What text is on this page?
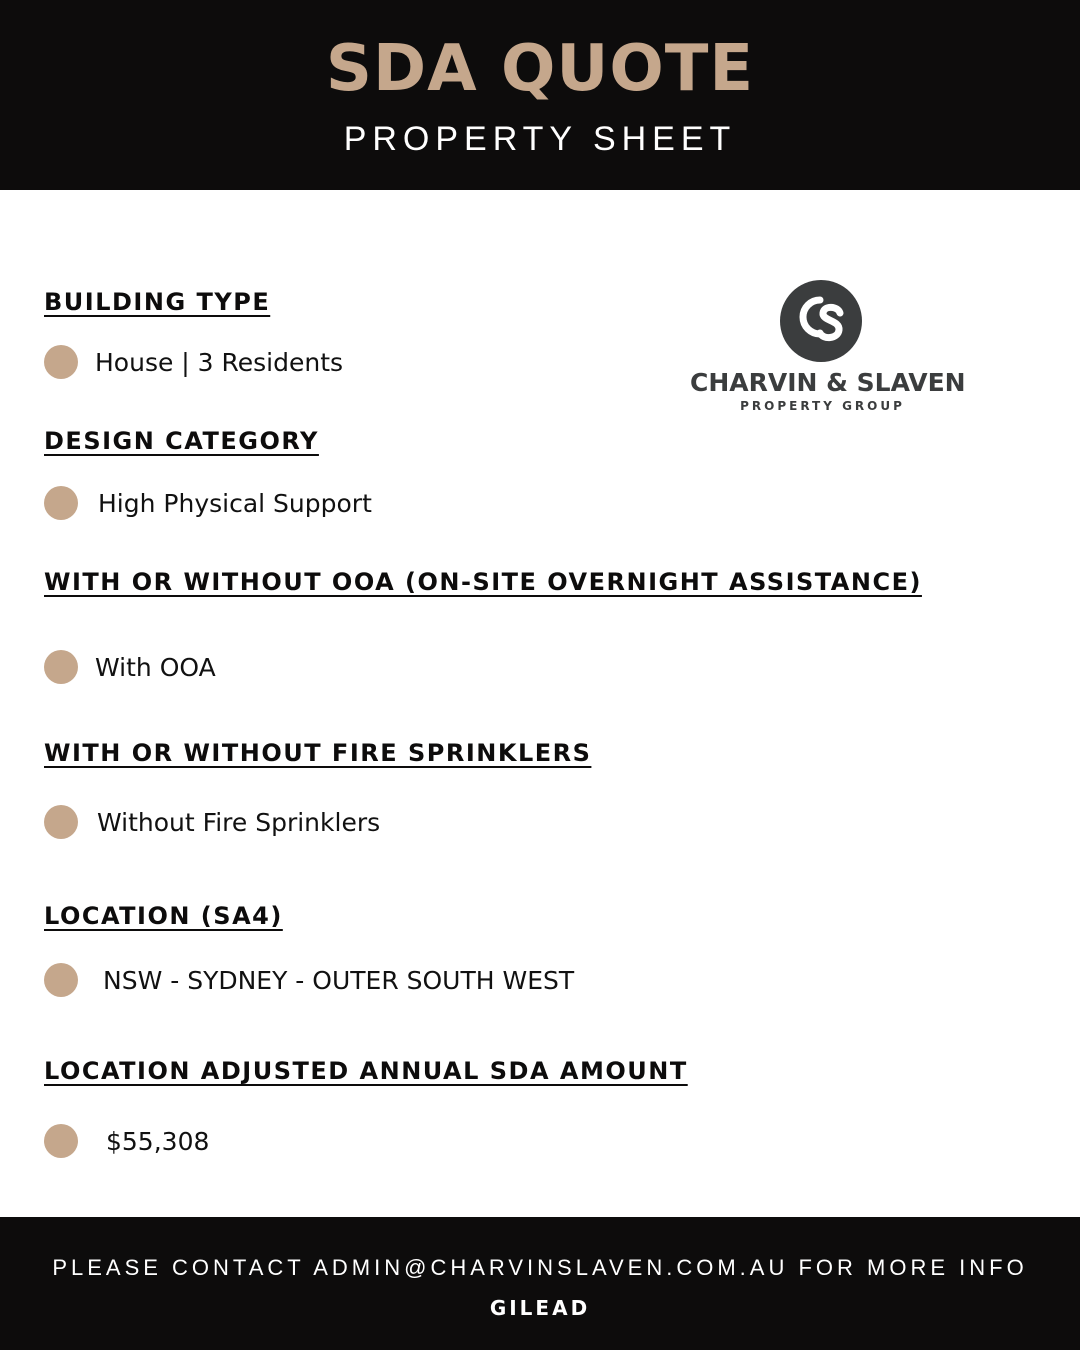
SDA QUOTE
PROPERTY SHEET
CHARVIN & SLAVEN
PROPERTY GROUP
BUILDING TYPE
House | 3 Residents
DESIGN CATEGORY
High Physical Support
WITH OR WITHOUT OOA (ON-SITE OVERNIGHT ASSISTANCE)
With OOA
WITH OR WITHOUT FIRE SPRINKLERS
Without Fire Sprinklers
LOCATION (SA4)
NSW - SYDNEY - OUTER SOUTH WEST
LOCATION ADJUSTED ANNUAL SDA AMOUNT
$55,308
PLEASE CONTACT ADMIN@CHARVINSLAVEN.COM.AU FOR MORE INFO
GILEAD
